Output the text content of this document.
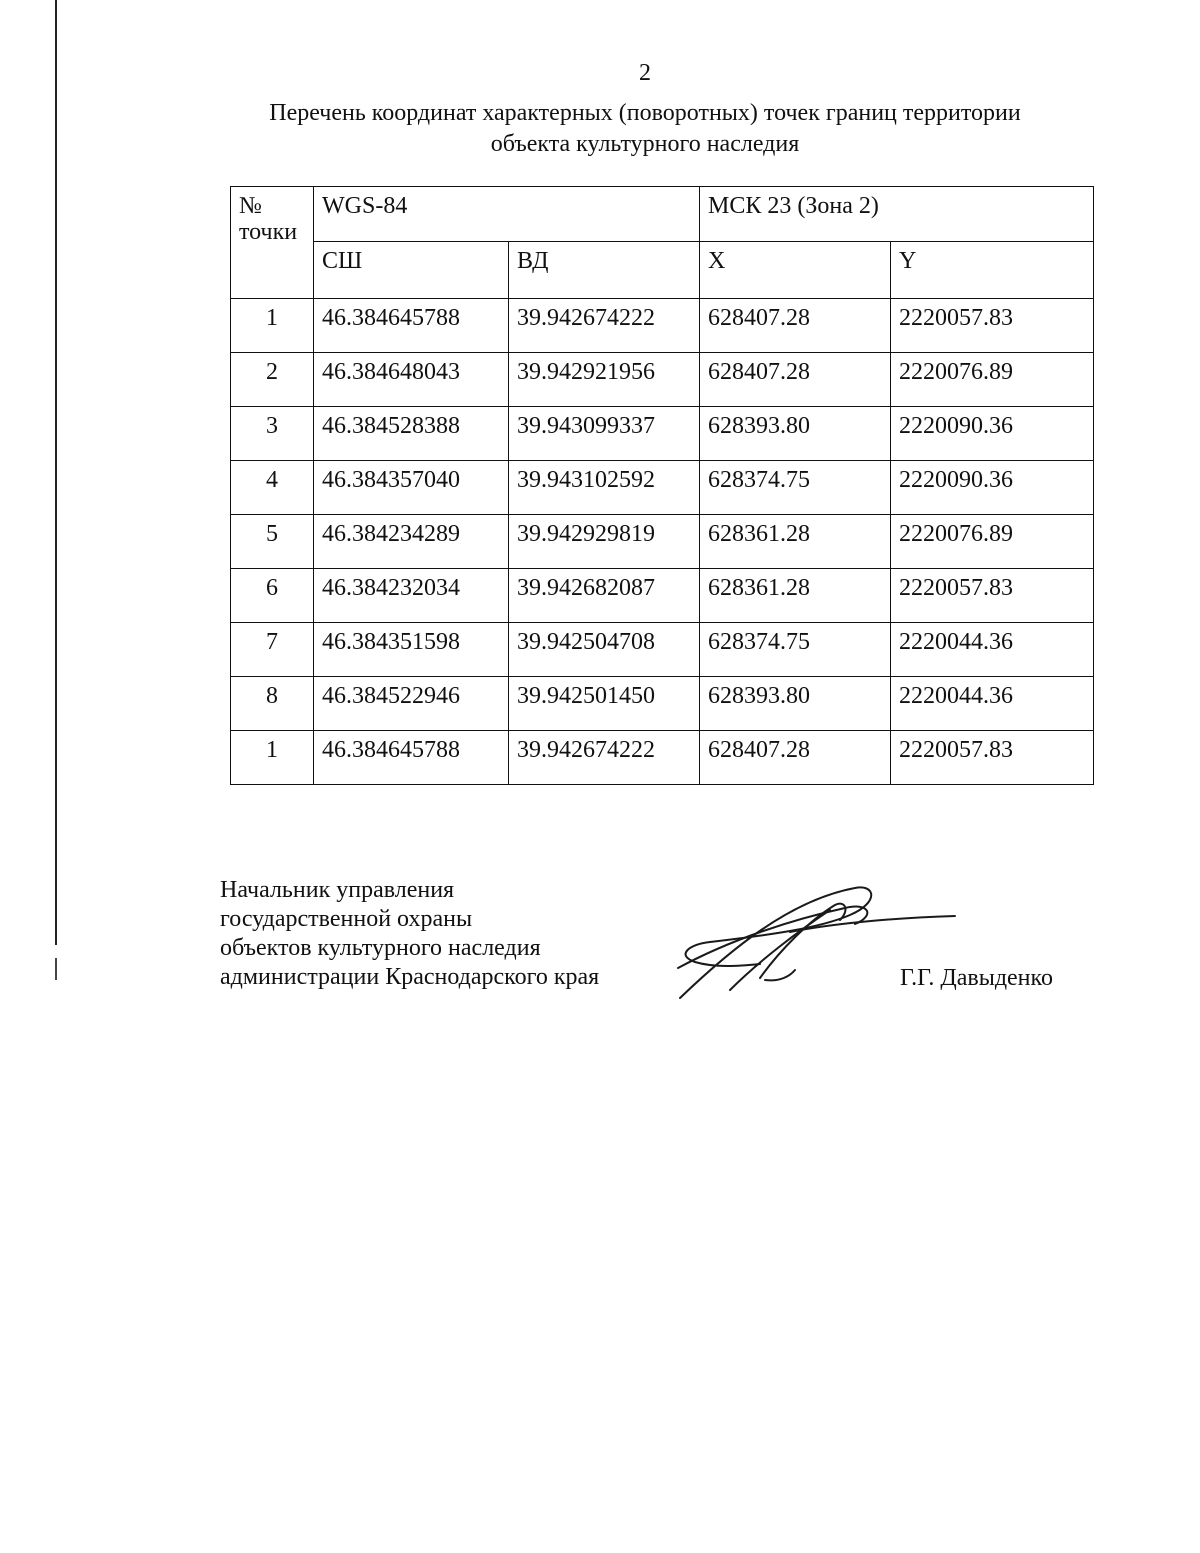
2
Перечень координат характерных (поворотных) точек границ территории
объекта культурного наследия
№
точки	WGS-84		МСК 23 (Зона 2)	
	СШ	ВД	X	Y
1	46.384645788	39.942674222	628407.28	2220057.83
2	46.384648043	39.942921956	628407.28	2220076.89
3	46.384528388	39.943099337	628393.80	2220090.36
4	46.384357040	39.943102592	628374.75	2220090.36
5	46.384234289	39.942929819	628361.28	2220076.89
6	46.384232034	39.942682087	628361.28	2220057.83
7	46.384351598	39.942504708	628374.75	2220044.36
8	46.384522946	39.942501450	628393.80	2220044.36
1	46.384645788	39.942674222	628407.28	2220057.83
Начальник управления
государственной охраны
объектов культурного наследия
администрации Краснодарского края	Г.Г. Давыденко
